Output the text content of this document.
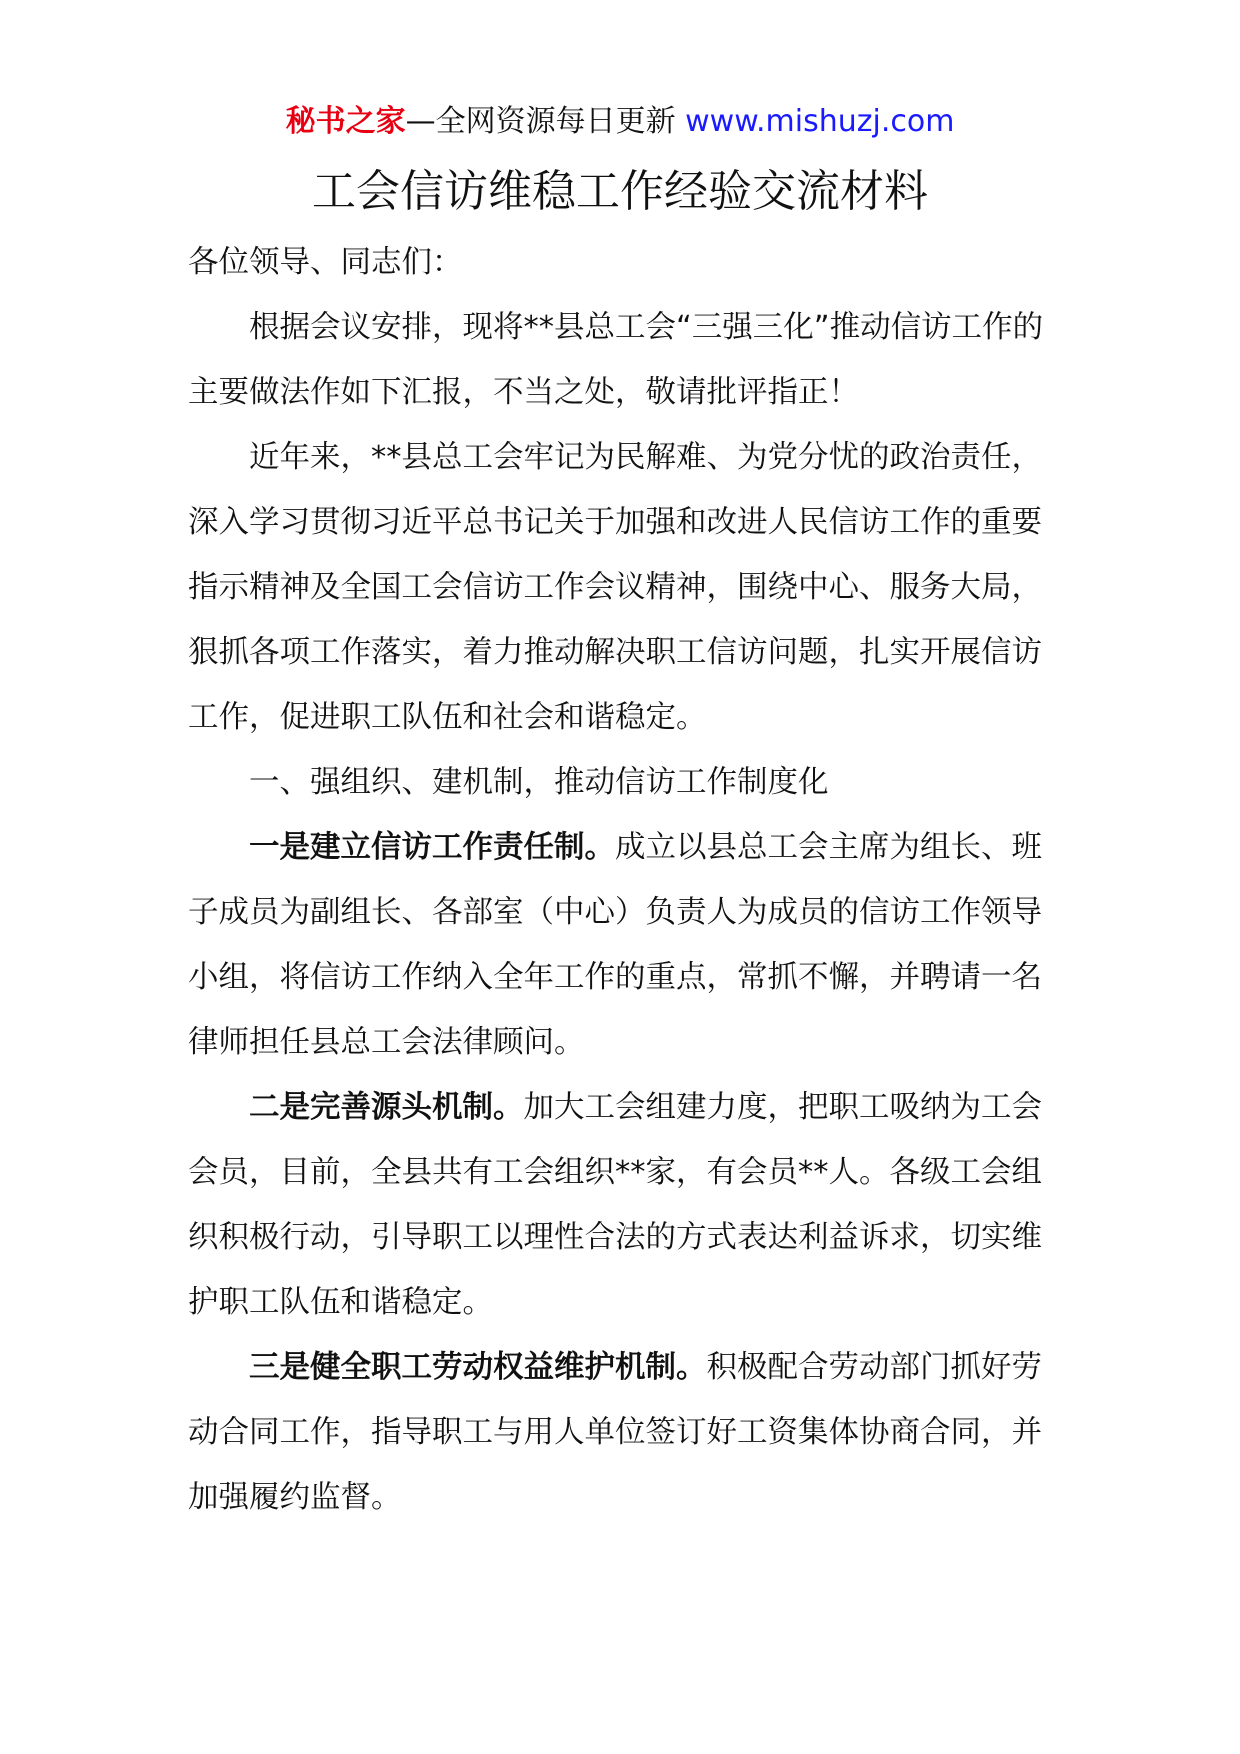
秘书之家—全网资源每日更新 www.mishuzj.com
工会信访维稳工作经验交流材料

各位领导、同志们：

根据会议安排，现将**县总工会“三强三化”推动信访工作的主要做法作如下汇报，不当之处，敬请批评指正！

近年来，**县总工会牢记为民解难、为党分忧的政治责任，深入学习贯彻习近平总书记关于加强和改进人民信访工作的重要指示精神及全国工会信访工作会议精神，围绕中心、服务大局，狠抓各项工作落实，着力推动解决职工信访问题，扎实开展信访工作，促进职工队伍和社会和谐稳定。

一、强组织、建机制，推动信访工作制度化

一是建立信访工作责任制。成立以县总工会主席为组长、班子成员为副组长、各部室（中心）负责人为成员的信访工作领导小组，将信访工作纳入全年工作的重点，常抓不懈，并聘请一名律师担任县总工会法律顾问。

二是完善源头机制。加大工会组建力度，把职工吸纳为工会会员，目前，全县共有工会组织**家，有会员**人。各级工会组织积极行动，引导职工以理性合法的方式表达利益诉求，切实维护职工队伍和谐稳定。

三是健全职工劳动权益维护机制。积极配合劳动部门抓好劳动合同工作，指导职工与用人单位签订好工资集体协商合同，并加强履约监督。
